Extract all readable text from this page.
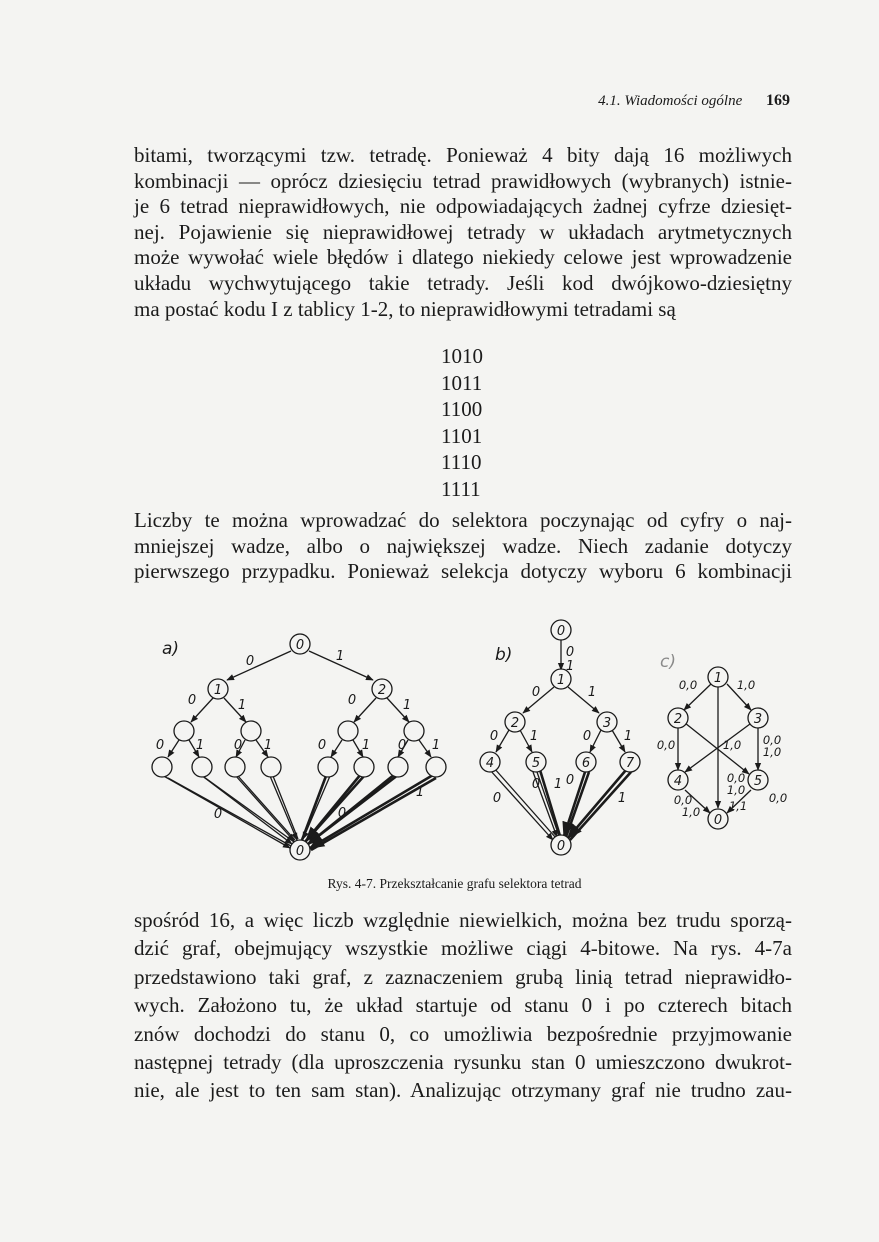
4.1. Wiadomości ogólne 169
bitami, tworzącymi tzw. tetradę. Ponieważ 4 bity dają 16 możliwych
kombinacji — oprócz dziesięciu tetrad prawidłowych (wybranych) istnie-
je 6 tetrad nieprawidłowych, nie odpowiadających żadnej cyfrze dziesięt-
nej. Pojawienie się nieprawidłowej tetrady w układach arytmetycznych
może wywołać wiele błędów i dlatego niekiedy celowe jest wprowadzenie
układu wychwytującego takie tetrady. Jeśli kod dwójkowo-dziesiętny
ma postać kodu I z tablicy 1-2, to nieprawidłowymi tetradami są
1010
1011
1100
1101
1110
1111
Liczby te można wprowadzać do selektora poczynając od cyfry o naj-
mniejszej wadze, albo o największej wadze. Niech zadanie dotyczy
pierwszego przypadku. Ponieważ selekcja dotyczy wyboru 6 kombinacji
a)	0
1	2
0
0	1
0	1	0	1
0 1 0 1	0	1 0 1
0	0
1
b)
0
1
2	3
4	5	6	7
0
0
1
0	1
0 1	0	1
0
0 1 0
1
c)
1
2	3
4	5
0
0,0	1,0
0,0	1,0 0,0
1,0
0,0
1,0
0,0
0,0
1,0 1,1
Rys. 4-7. Przekształcanie grafu selektora tetrad
spośród 16, a więc liczb względnie niewielkich, można bez trudu sporzą-
dzić graf, obejmujący wszystkie możliwe ciągi 4-bitowe. Na rys. 4-7a
przedstawiono taki graf, z zaznaczeniem grubą linią tetrad nieprawidło-
wych. Założono tu, że układ startuje od stanu 0 i po czterech bitach
znów dochodzi do stanu 0, co umożliwia bezpośrednie przyjmowanie
następnej tetrady (dla uproszczenia rysunku stan 0 umieszczono dwukrot-
nie, ale jest to ten sam stan). Analizując otrzymany graf nie trudno zau-
